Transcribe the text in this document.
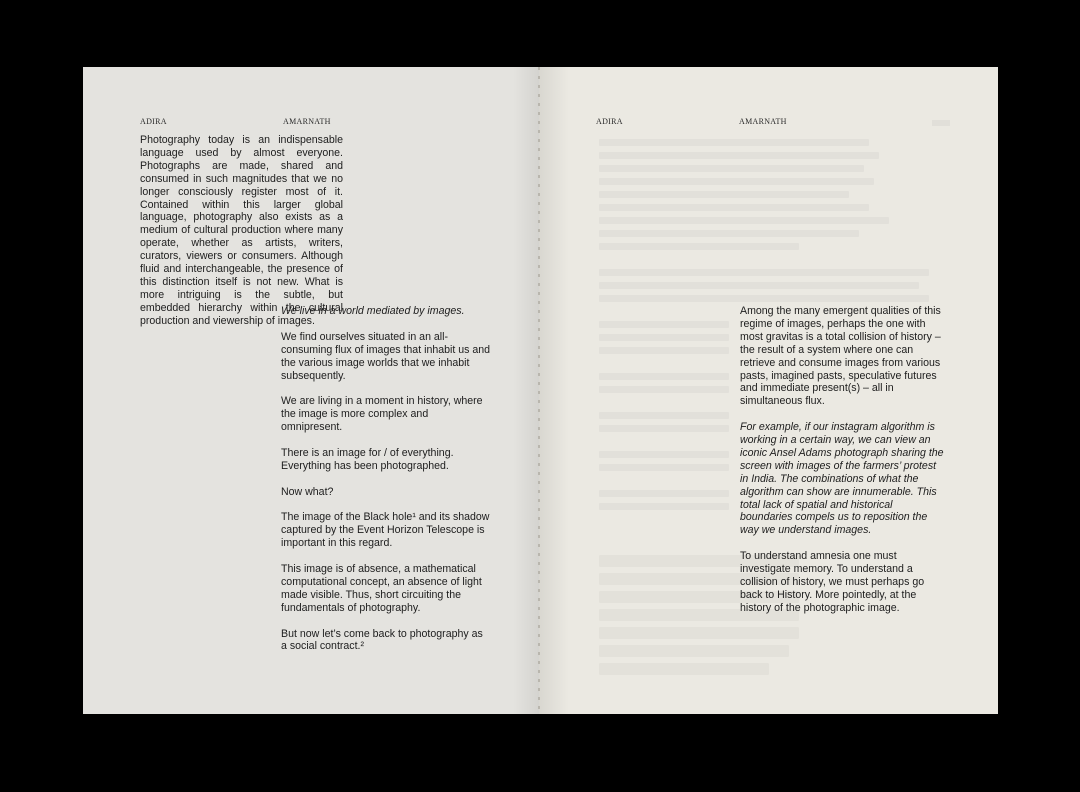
ADIRA	AMARNATH

Photography today is an indispensable language used by almost everyone. Photographs are made, shared and consumed in such magnitudes that we no longer consciously register most of it. Contained within this larger global language, photography also exists as a medium of cultural production where many operate, whether as artists, writers, curators, viewers or consumers. Although fluid and interchangeable, the presence of this distinction itself is not new. What is more intriguing is the subtle, but embedded hierarchy within the cultural production and viewership of images.

We live in a world mediated by images.

We find ourselves situated in an all-consuming flux of images that inhabit us and the various image worlds that we inhabit subsequently.

We are living in a moment in history, where the image is more complex and omnipresent.

There is an image for / of everything. Everything has been photographed.

Now what?

The image of the Black hole¹ and its shadow captured by the Event Horizon Telescope is important in this regard.

This image is of absence, a mathematical computational concept, an absence of light made visible. Thus, short circuiting the fundamentals of photography.

But now let’s come back to photography as a social contract.²

ADIRA	AMARNATH

Among the many emergent qualities of this regime of images, perhaps the one with most gravitas is a total collision of history – the result of a system where one can retrieve and consume images from various pasts, imagined pasts, speculative futures and immediate present(s) – all in simultaneous flux.

For example, if our instagram algorithm is working in a certain way, we can view an iconic Ansel Adams photograph sharing the screen with images of the farmers’ protest in India. The combinations of what the algorithm can show are innumerable. This total lack of spatial and historical boundaries compels us to reposition the way we understand images.

To understand amnesia one must investigate memory. To understand a collision of history, we must perhaps go back to History. More pointedly, at the history of the photographic image.
